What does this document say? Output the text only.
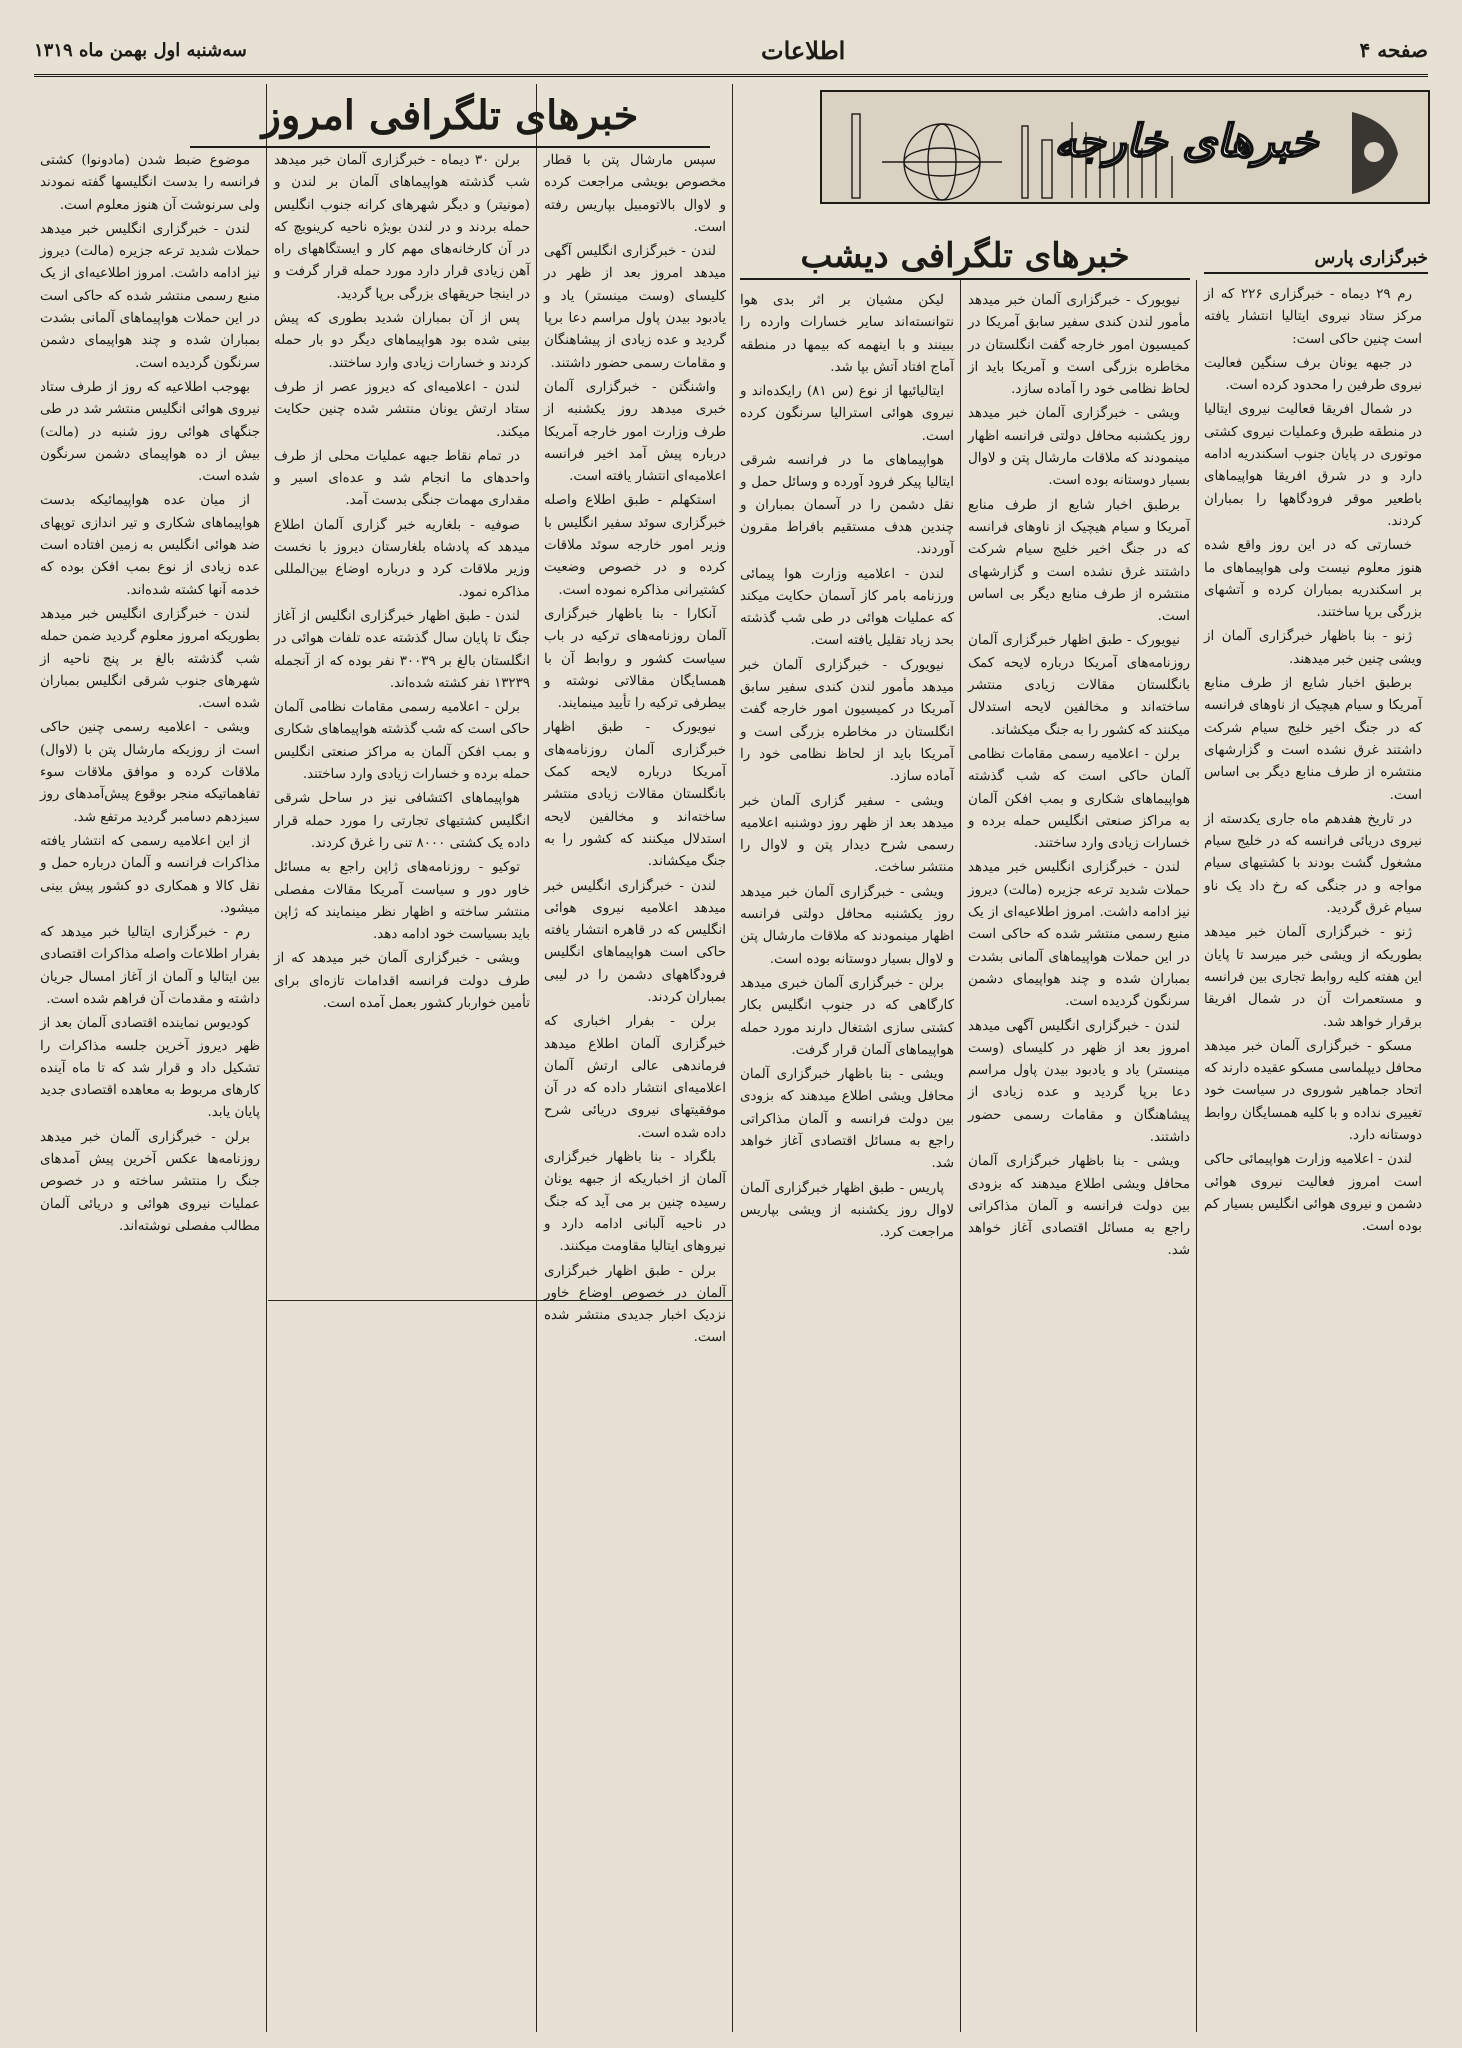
صفحه ۴
اطلاعات
سه‌شنبه اول بهمن ماه ۱۳۱۹
خبرهای تلگرافی امروز
خبرهای خارجه
خبرهای تلگرافی دیشب	خبرگزاری پارس

موضوع ضبط شدن (مادونوا) کشتی فرانسه را بدست انگلیسها گفته نمودند ولی سرنوشت آن هنوز معلوم است.

لندن - خبرگزاری انگلیس خبر میدهد حملات شدید ترعه جزیره (مالت) دیروز نیز ادامه داشت. امروز اطلاعیه‌ای از یک منبع رسمی منتشر شده که حاکی است در این حملات هواپیماهای آلمانی بشدت بمباران شده و چند هواپیمای دشمن سرنگون گردیده است.

بهوجب اطلاعیه که روز از طرف ستاد نیروی هوائی انگلیس منتشر شد در طی جنگهای هوائی روز شنبه در (مالت) بیش از ده هواپیمای دشمن سرنگون شده است.

از میان عده هواپیمائیکه بدست هواپیماهای شکاری و تیر اندازی توپهای ضد هوائی انگلیس به زمین افتاده است عده زیادی از نوع بمب افکن بوده که خدمه آنها کشته شده‌اند.

لندن - خبرگزاری انگلیس خبر میدهد بطوریکه امروز معلوم گردید ضمن حمله شب گذشته بالغ بر پنج ناحیه از شهرهای جنوب شرقی انگلیس بمباران شده است.

ویشی - اعلامیه رسمی چنین حاکی است از روزیکه مارشال پتن با (لاوال) ملاقات کرده و موافق ملاقات سوء تفاهماتیکه منجر بوقوع پیش‌آمدهای روز سیزدهم دسامبر گردید مرتفع شد.

از این اعلامیه رسمی که انتشار یافته مذاکرات فرانسه و آلمان درباره حمل و نقل کالا و همکاری دو کشور پیش بینی میشود.

رم - خبرگزاری ایتالیا خبر میدهد که بفرار اطلاعات واصله مذاکرات اقتصادی بین ایتالیا و آلمان از آغاز امسال جریان داشته و مقدمات آن فراهم شده است.

کودیوس نماینده اقتصادی آلمان بعد از ظهر دیروز آخرین جلسه مذاکرات را تشکیل داد و قرار شد که تا ماه آینده کارهای مربوط به معاهده اقتصادی جدید پایان یابد.

برلن - خبرگزاری آلمان خبر میدهد روزنامه‌ها عکس آخرین پیش آمدهای جنگ را منتشر ساخته و در خصوص عملیات نیروی هوائی و دریائی آلمان مطالب مفصلی نوشته‌اند.

برلن ۳۰ دیماه - خبرگزاری آلمان خبر میدهد شب گذشته هواپیماهای آلمان بر لندن و (مونیتر) و دیگر شهرهای کرانه جنوب انگلیس حمله بردند و در لندن بویژه ناحیه کرینویچ که در آن کارخانه‌های مهم کار و ایستگاههای راه آهن زیادی قرار دارد مورد حمله قرار گرفت و در اینجا حریقهای بزرگی برپا گردید.

پس از آن بمباران شدید بطوری که پیش بینی شده بود هواپیماهای دیگر دو بار حمله کردند و خسارات زیادی وارد ساختند.

لندن - اعلامیه‌ای که دیروز عصر از طرف ستاد ارتش یونان منتشر شده چنین حکایت میکند.

در تمام نقاط جبهه عملیات محلی از طرف واحدهای ما انجام شد و عده‌ای اسیر و مقداری مهمات جنگی بدست آمد.

صوفیه - بلغاریه خبر گزاری آلمان اطلاع میدهد که پادشاه بلغارستان دیروز با نخست وزیر ملاقات کرد و درباره اوضاع بین‌المللی مذاکره نمود.

لندن - طبق اظهار خبرگزاری انگلیس از آغاز جنگ تا پایان سال گذشته عده تلفات هوائی در انگلستان بالغ بر ۳۰۰۳۹ نفر بوده که از آنجمله ۱۳۲۳۹ نفر کشته شده‌اند.

برلن - اعلامیه رسمی مقامات نظامی آلمان حاکی است که شب گذشته هواپیماهای شکاری و بمب افکن آلمان به مراکز صنعتی انگلیس حمله برده و خسارات زیادی وارد ساختند.

هواپیماهای اکتشافی نیز در ساحل شرقی انگلیس کشتیهای تجارتی را مورد حمله قرار داده یک کشتی ۸۰۰۰ تنی را غرق کردند.

توکیو - روزنامه‌های ژاپن راجع به مسائل خاور دور و سیاست آمریکا مقالات مفصلی منتشر ساخته و اظهار نظر مینمایند که ژاپن باید بسیاست خود ادامه دهد.

ویشی - خبرگزاری آلمان خبر میدهد که از طرف دولت فرانسه اقدامات تازه‌ای برای تأمین خواربار کشور بعمل آمده است.

سپس مارشال پتن با قطار مخصوص بویشی مراجعت کرده و لاوال بالاتومبیل بپاریس رفته است.

لندن - خبرگزاری انگلیس آگهی میدهد امروز بعد از ظهر در کلیسای (وست مینستر) یاد و یادبود بیدن پاول مراسم دعا برپا گردید و عده زیادی از پیشاهنگان و مقامات رسمی حضور داشتند.

واشنگتن - خبرگزاری آلمان خبری میدهد روز یکشنبه از طرف وزارت امور خارجه آمریکا درباره پیش آمد اخیر فرانسه اعلامیه‌ای انتشار یافته است.

استکهلم - طبق اطلاع واصله خبرگزاری سوئد سفیر انگلیس با وزیر امور خارجه سوئد ملاقات کرده و در خصوص وضعیت کشتیرانی مذاکره نموده است.

آنکارا - بنا باظهار خبرگزاری آلمان روزنامه‌های ترکیه در باب سیاست کشور و روابط آن با همسایگان مقالاتی نوشته و بیطرفی ترکیه را تأیید مینمایند.

نیویورک - طبق اظهار خبرگزاری آلمان روزنامه‌های آمریکا درباره لایحه کمک بانگلستان مقالات زیادی منتشر ساخته‌اند و مخالفین لایحه استدلال میکنند که کشور را به جنگ میکشاند.

لندن - خبرگزاری انگلیس خبر میدهد اعلامیه نیروی هوائی انگلیس که در قاهره انتشار یافته حاکی است هواپیماهای انگلیس فرودگاههای دشمن را در لیبی بمباران کردند.

برلن - بفرار اخباری که خبرگزاری آلمان اطلاع میدهد فرماندهی عالی ارتش آلمان اعلامیه‌ای انتشار داده که در آن موفقیتهای نیروی دریائی شرح داده شده است.

بلگراد - بنا باظهار خبرگزاری آلمان از اخباریکه از جبهه یونان رسیده چنین بر می آید که جنگ در ناحیه آلبانی ادامه دارد و نیروهای ایتالیا مقاومت میکنند.

برلن - طبق اظهار خبرگزاری آلمان در خصوص اوضاع خاور نزدیک اخبار جدیدی منتشر شده است.

لیکن مشیان بر اثر بدی هوا نتوانسته‌اند سایر خسارات وارده را ببینند و با اینهمه که بیمها در منطقه آماج افتاد آتش بپا شد.

ایتالیائیها از نوع (س ۸۱) رایکده‌اند و نیروی هوائی استرالیا سرنگون کرده است.

هواپیماهای ما در فرانسه شرقی ایتالیا پیکر فرود آورده و وسائل حمل و نقل دشمن را در آسمان بمباران و چندین هدف مستقیم بافراط مقرون آوردند.

لندن - اعلامیه وزارت هوا پیمائی ورزنامه بامر کاز آسمان حکایت میکند که عملیات هوائی در طی شب گذشته بحد زیاد تقلیل یافته است.

نیویورک - خبرگزاری آلمان خبر میدهد مأمور لندن کندی سفیر سابق آمریکا در کمیسیون امور خارجه گفت انگلستان در مخاطره بزرگی است و آمریکا باید از لحاظ نظامی خود را آماده سازد.

ویشی - سفیر گزاری آلمان خبر میدهد بعد از ظهر روز دوشنبه اعلامیه رسمی شرح دیدار پتن و لاوال را منتشر ساخت.

ویشی - خبرگزاری آلمان خبر میدهد روز یکشنبه محافل دولتی فرانسه اظهار مینمودند که ملاقات مارشال پتن و لاوال بسیار دوستانه بوده است.

برلن - خبرگزاری آلمان خبری میدهد کارگاهی که در جنوب انگلیس بکار کشتی سازی اشتغال دارند مورد حمله هواپیماهای آلمان قرار گرفت.

ویشی - بنا باظهار خبرگزاری آلمان محافل ویشی اطلاع میدهند که بزودی بین دولت فرانسه و آلمان مذاکراتی راجع به مسائل اقتصادی آغاز خواهد شد.

پاریس - طبق اظهار خبرگزاری آلمان لاوال روز یکشنبه از ویشی بپاریس مراجعت کرد.

رم ۲۹ دیماه - خبرگزاری ۲۲۶ که از مرکز ستاد نیروی ایتالیا انتشار یافته است چنین حاکی است:

در جبهه یونان برف سنگین فعالیت نیروی طرفین را محدود کرده است.

در شمال افریقا فعالیت نیروی ایتالیا در منطقه طبرق وعملیات نیروی کشتی موتوری در پایان جنوب اسکندریه ادامه دارد و در شرق افریقا هواپیماهای باطعیر موقر فرودگاهها را بمباران کردند.

خسارتی که در این روز واقع شده هنوز معلوم نیست ولی هواپیماهای ما بر اسکندریه بمباران کرده و آتشهای بزرگی برپا ساختند.

ژنو - بنا باظهار خبرگزاری آلمان از ویشی چنین خبر میدهند.

برطبق اخبار شایع از طرف منابع آمریکا و سیام هیچیک از ناوهای فرانسه که در جنگ اخیر خلیج سیام شرکت داشتند غرق نشده است و گزارشهای منتشره از طرف منابع دیگر بی اساس است.

در تاریخ هفدهم ماه جاری یکدسته از نیروی دریائی فرانسه که در خلیج سیام مشغول گشت بودند با کشتیهای سیام مواجه و در جنگی که رخ داد یک ناو سیام غرق گردید.

ژنو - خبرگزاری آلمان خبر میدهد بطوریکه از ویشی خبر میرسد تا پایان این هفته کلیه روابط تجاری بین فرانسه و مستعمرات آن در شمال افریقا برقرار خواهد شد.

مسکو - خبرگزاری آلمان خبر میدهد محافل دیپلماسی مسکو عقیده دارند که اتحاد جماهیر شوروی در سیاست خود تغییری نداده و با کلیه همسایگان روابط دوستانه دارد.

لندن - اعلامیه وزارت هواپیمائی حاکی است امروز فعالیت نیروی هوائی دشمن و نیروی هوائی انگلیس بسیار کم بوده است.

نیویورک - خبرگزاری آلمان خبر میدهد مأمور لندن کندی سفیر سابق آمریکا در کمیسیون امور خارجه گفت انگلستان در مخاطره بزرگی است و آمریکا باید از لحاظ نظامی خود را آماده سازد.

ویشی - خبرگزاری آلمان خبر میدهد روز یکشنبه محافل دولتی فرانسه اظهار مینمودند که ملاقات مارشال پتن و لاوال بسیار دوستانه بوده است.

برطبق اخبار شایع از طرف منابع آمریکا و سیام هیچیک از ناوهای فرانسه که در جنگ اخیر خلیج سیام شرکت داشتند غرق نشده است و گزارشهای منتشره از طرف منابع دیگر بی اساس است.

نیویورک - طبق اظهار خبرگزاری آلمان روزنامه‌های آمریکا درباره لایحه کمک بانگلستان مقالات زیادی منتشر ساخته‌اند و مخالفین لایحه استدلال میکنند که کشور را به جنگ میکشاند.

برلن - اعلامیه رسمی مقامات نظامی آلمان حاکی است که شب گذشته هواپیماهای شکاری و بمب افکن آلمان به مراکز صنعتی انگلیس حمله برده و خسارات زیادی وارد ساختند.

لندن - خبرگزاری انگلیس خبر میدهد حملات شدید ترعه جزیره (مالت) دیروز نیز ادامه داشت. امروز اطلاعیه‌ای از یک منبع رسمی منتشر شده که حاکی است در این حملات هواپیماهای آلمانی بشدت بمباران شده و چند هواپیمای دشمن سرنگون گردیده است.

لندن - خبرگزاری انگلیس آگهی میدهد امروز بعد از ظهر در کلیسای (وست مینستر) یاد و یادبود بیدن پاول مراسم دعا برپا گردید و عده زیادی از پیشاهنگان و مقامات رسمی حضور داشتند.

ویشی - بنا باظهار خبرگزاری آلمان محافل ویشی اطلاع میدهند که بزودی بین دولت فرانسه و آلمان مذاکراتی راجع به مسائل اقتصادی آغاز خواهد شد.
